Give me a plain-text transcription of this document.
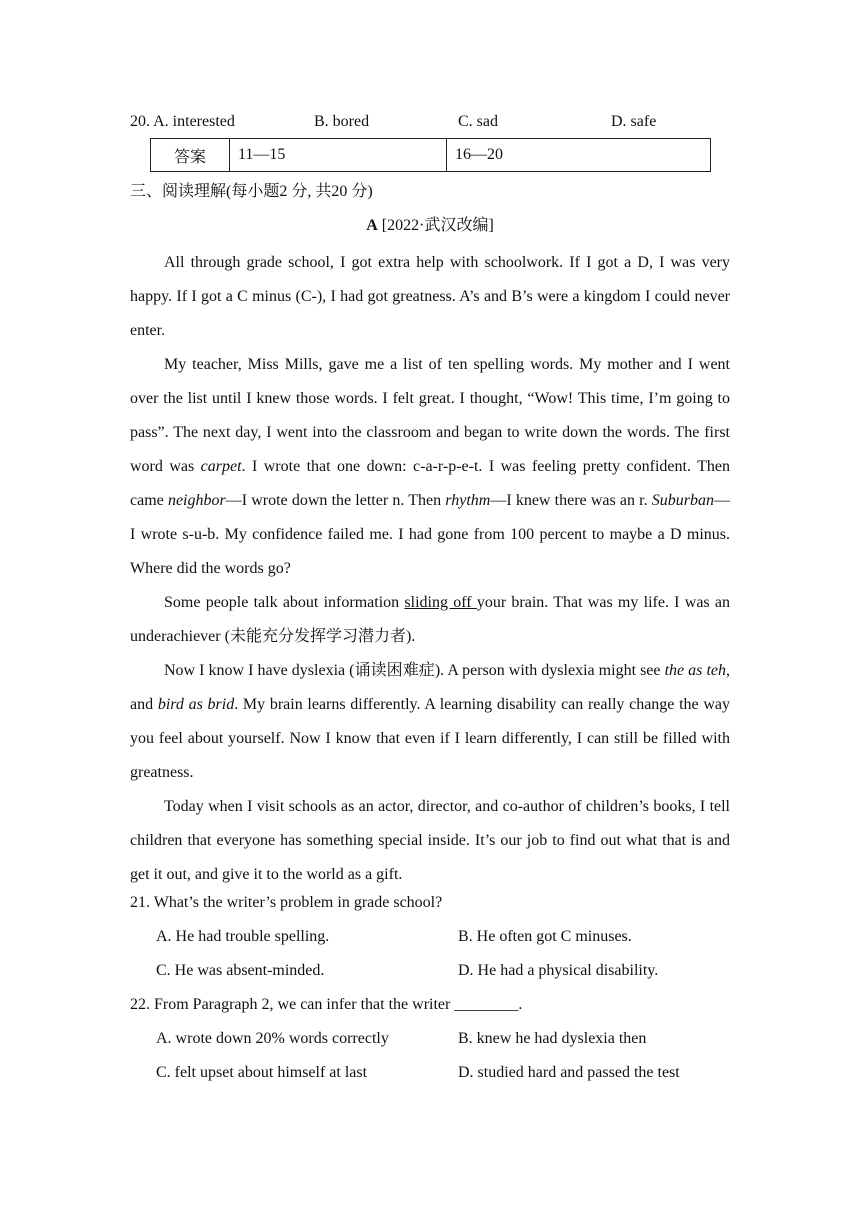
20. A. interested	B. bored	C. sad	D. safe
答案	11—15	16—20
三、阅读理解(每小题2 分, 共20 分)
A [2022·武汉改编]

All through grade school, I got extra help with schoolwork. If I got a D, I was very happy. If I got a C minus (C-), I had got greatness. A’s and B’s were a kingdom I could never enter.

My teacher, Miss Mills, gave me a list of ten spelling words. My mother and I went over the list until I knew those words. I felt great. I thought, “Wow! This time, I’m going to pass”. The next day, I went into the classroom and began to write down the words. The first word was carpet. I wrote that one down: c-a-r-p-e-t. I was feeling pretty confident. Then came neighbor—I wrote down the letter n. Then rhythm—I knew there was an r. Suburban—I wrote s-u-b. My confidence failed me. I had gone from 100 percent to maybe a D minus. Where did the words go?

Some people talk about information sliding off your brain. That was my life. I was an underachiever (未能充分发挥学习潜力者).

Now I know I have dyslexia (诵读困难症). A person with dyslexia might see the as teh, and bird as brid. My brain learns differently. A learning disability can really change the way you feel about yourself. Now I know that even if I learn differently, I can still be filled with greatness.

Today when I visit schools as an actor, director, and co-author of children’s books, I tell children that everyone has something special inside. It’s our job to find out what that is and get it out, and give it to the world as a gift.

21. What’s the writer’s problem in grade school?
A. He had trouble spelling.	B. He often got C minuses.
C. He was absent-minded.	D. He had a physical disability.
22. From Paragraph 2, we can infer that the writer ________.
A. wrote down 20% words correctly	B. knew he had dyslexia then
C. felt upset about himself at last	D. studied hard and passed the test
